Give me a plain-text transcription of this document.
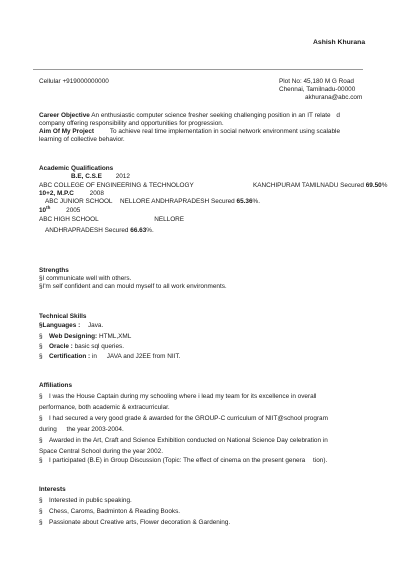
Ashish Khurana
Cellular +919000000000	Plot No: 45,180 M G Road
Chennai, Tamilnadu-00000
akhurana@abc.com
Career Objective An enthusiastic computer science fresher seeking challenging position in an IT relate d
company offering responsibility and opportunities for progression.
Aim Of My Project To achieve real time implementation in social network environment using scalable
learning of collective behavior.
Academic Qualifications
B.E, C.S.E 2012
ABC COLLEGE OF ENGINEERING & TECHNOLOGY	KANCHIPURAM TAMILNADU Secured 69.50%
10+2, M.P.C 2008
ABC JUNIOR SCHOOL NELLORE ANDHRAPRADESH Secured 65.36%.
10th 2005
ABC HIGH SCHOOL	NELLORE
ANDHRAPRADESH Secured 66.63%.
Strengths
§I communicate well with others.
§I'm self confident and can mould myself to all work environments.
Technical Skills
§Languages : Java.
§ Web Designing: HTML,XML
§ Oracle : basic sql queries.
§ Certification : in JAVA and J2EE from NIIT.
Affiliations
§ I was the House Captain during my schooling where i lead my team for its excellence in overall
performance, both academic & extracurricular.
§ I had secured a very good grade & awarded for the GROUP-C curriculum of NIIT@school program
during the year 2003-2004.
§ Awarded in the Art, Craft and Science Exhibition conducted on National Science Day celebration in
Space Central School during the year 2002.
§ I participated (B.E) in Group Discussion (Topic: The effect of cinema on the present genera tion).
Interests
§ Interested in public speaking.
§ Chess, Caroms, Badminton & Reading Books.
§ Passionate about Creative arts, Flower decoration & Gardening.
